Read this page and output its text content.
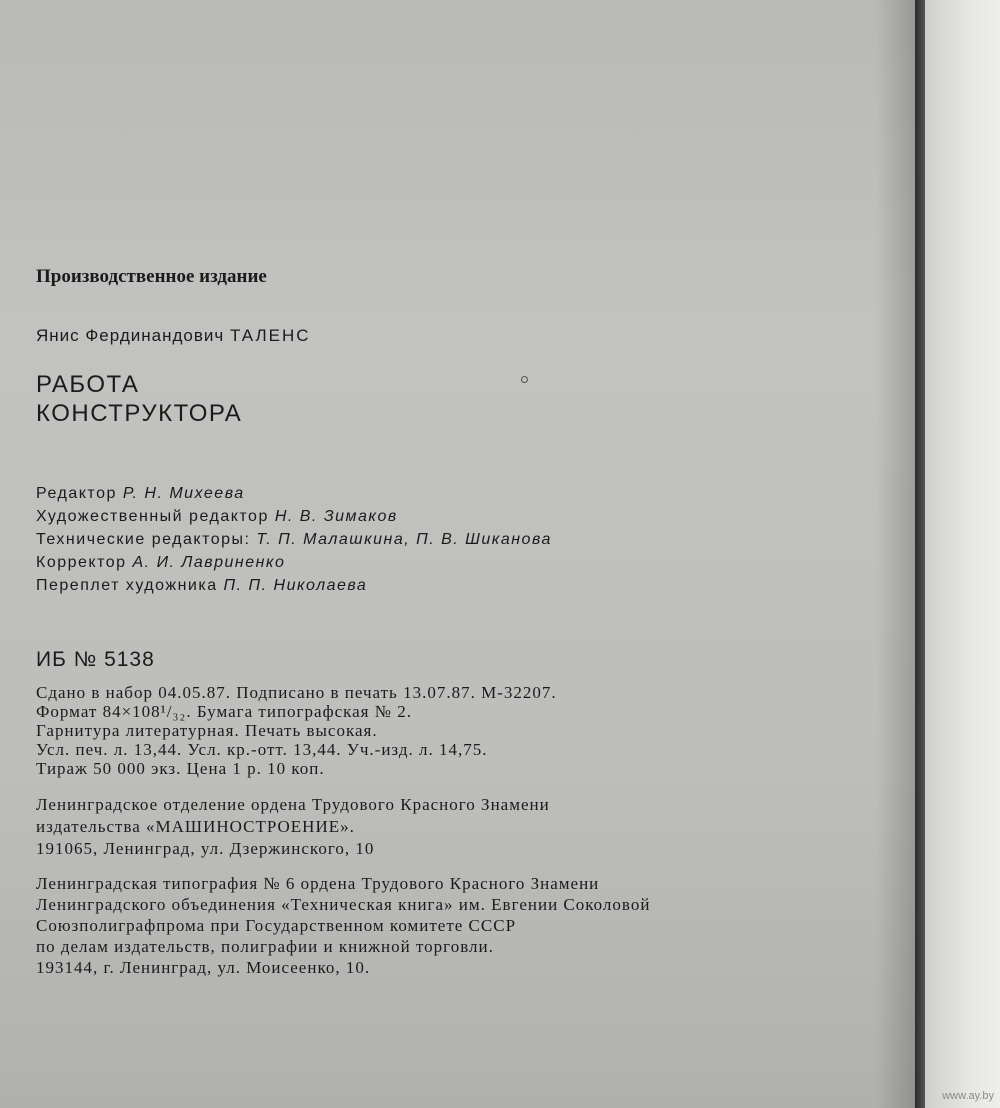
Производственное издание
Янис Фердинандович ТАЛЕНС
РАБОТА
КОНСТРУКТОРА
Редактор Р. Н. Михеева
Художественный редактор Н. В. Зимаков
Технические редакторы: Т. П. Малашкина, П. В. Шиканова
Корректор А. И. Лавриненко
Переплет художника П. П. Николаева
ИБ № 5138
Сдано в набор 04.05.87. Подписано в печать 13.07.87. М-32207.
Формат 84×108¹/₃₂. Бумага типографская № 2.
Гарнитура литературная. Печать высокая.
Усл. печ. л. 13,44. Усл. кр.-отт. 13,44. Уч.-изд. л. 14,75.
Тираж 50 000 экз. Цена 1 р. 10 коп.
Ленинградское отделение ордена Трудового Красного Знамени
издательства «МАШИНОСТРОЕНИЕ».
191065, Ленинград, ул. Дзержинского, 10
Ленинградская типография № 6 ордена Трудового Красного Знамени
Ленинградского объединения «Техническая книга» им. Евгении Соколовой
Союзполиграфпрома при Государственном комитете СССР
по делам издательств, полиграфии и книжной торговли.
193144, г. Ленинград, ул. Моисеенко, 10.
www.ay.by
